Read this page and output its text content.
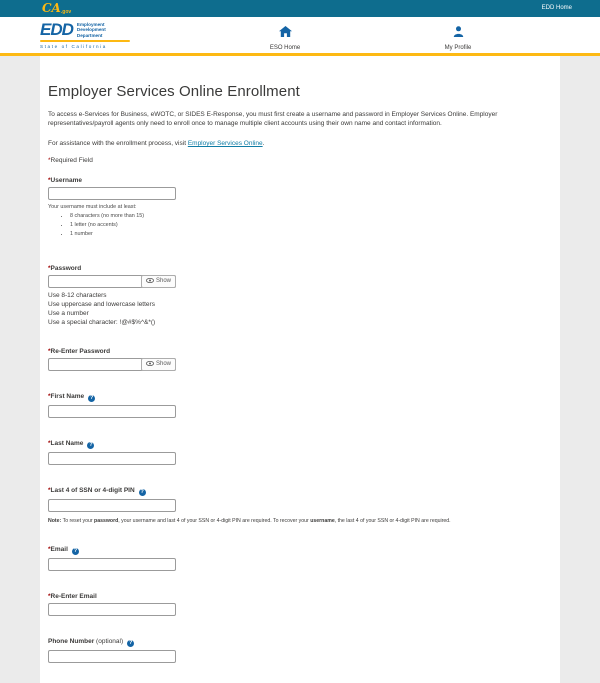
CA.gov
EDD Home
EDD Employment
Development
Department
State of California	ESO Home	My Profile
Employer Services Online Enrollment

To access e-Services for Business, eWOTC, or SIDES E-Response, you must first create a username and password in Employer Services Online. Employer representatives/payroll agents only need to enroll once to manage multiple client accounts using their own name and contact information.

For assistance with the enrollment process, visit Employer Services Online.

*Required Field

*Username
Your username must include at least:
• 8 characters (no more than 15)
• 1 letter (no accents)
• 1 number
*Password
Show
Use 8-12 characters
Use uppercase and lowercase letters
Use a number
Use a special character: !@#$%^&*()
*Re-Enter Password
Show
*First Name?
*Last Name?
*Last 4 of SSN or 4-digit PIN?
Note: To reset your password, your username and last 4 of your SSN or 4-digit PIN are required. To recover your username, the last 4 of your SSN or 4-digit PIN are required.
*Email?
*Re-Enter Email
Phone Number (optional)?
